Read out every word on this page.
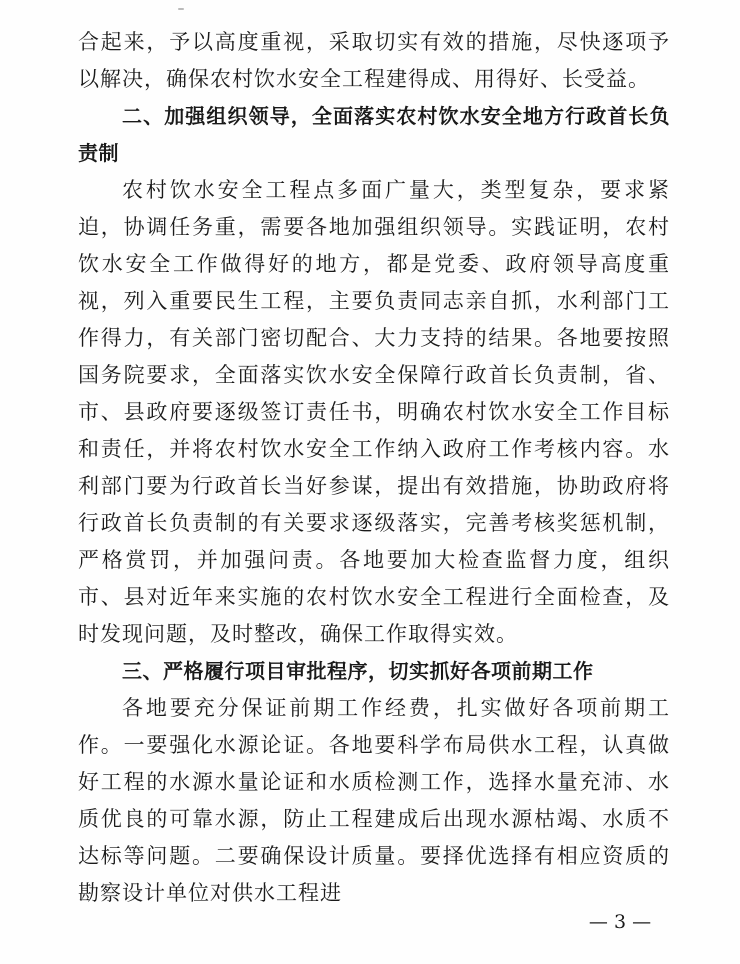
合起来，予以高度重视，采取切实有效的措施，尽快逐项予以解决，确保农村饮水安全工程建得成、用得好、长受益。

二、加强组织领导，全面落实农村饮水安全地方行政首长负责制

农村饮水安全工程点多面广量大，类型复杂，要求紧迫，协调任务重，需要各地加强组织领导。实践证明，农村饮水安全工作做得好的地方，都是党委、政府领导高度重视，列入重要民生工程，主要负责同志亲自抓，水利部门工作得力，有关部门密切配合、大力支持的结果。各地要按照国务院要求，全面落实饮水安全保障行政首长负责制，省、市、县政府要逐级签订责任书，明确农村饮水安全工作目标和责任，并将农村饮水安全工作纳入政府工作考核内容。水利部门要为行政首长当好参谋，提出有效措施，协助政府将行政首长负责制的有关要求逐级落实，完善考核奖惩机制，严格赏罚，并加强问责。各地要加大检查监督力度，组织市、县对近年来实施的农村饮水安全工程进行全面检查，及时发现问题，及时整改，确保工作取得实效。

三、严格履行项目审批程序，切实抓好各项前期工作

各地要充分保证前期工作经费，扎实做好各项前期工作。一要强化水源论证。各地要科学布局供水工程，认真做好工程的水源水量论证和水质检测工作，选择水量充沛、水质优良的可靠水源，防止工程建成后出现水源枯竭、水质不达标等问题。二要确保设计质量。要择优选择有相应资质的勘察设计单位对供水工程进

— 3 —
